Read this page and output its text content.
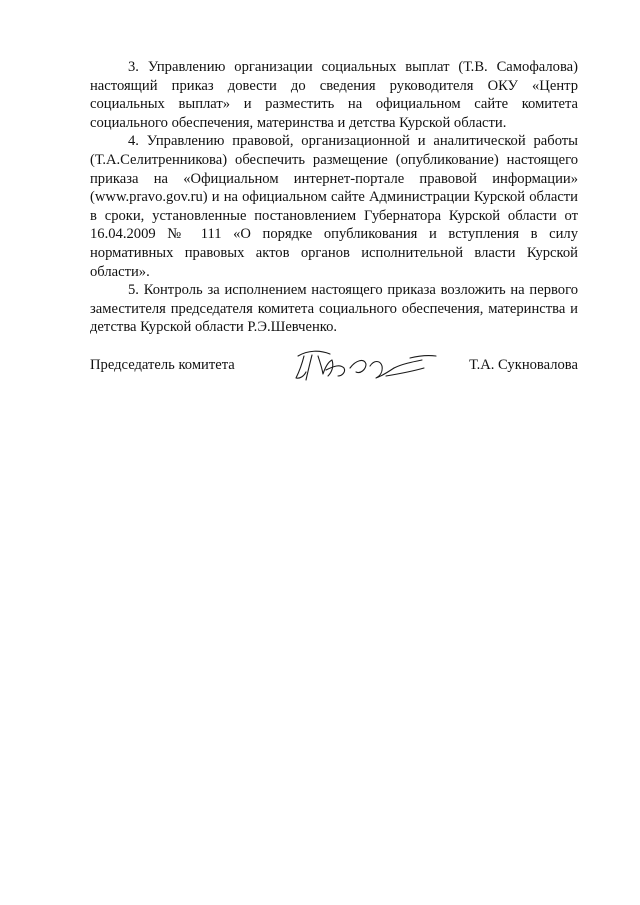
3. Управлению организации социальных выплат (Т.В. Самофалова) настоящий приказ довести до сведения руководителя ОКУ «Центр социальных выплат» и разместить на официальном сайте комитета социального обеспечения, материнства и детства Курской области.

4. Управлению правовой, организационной и аналитической работы (Т.А.Селитренникова) обеспечить размещение (опубликование) настоящего приказа на «Официальном интернет-портале правовой информации» (www.pravo.gov.ru) и на официальном сайте Администрации Курской области в сроки, установленные постановлением Губернатора Курской области от 16.04.2009 № 111 «О порядке опубликования и вступления в силу нормативных правовых актов органов исполнительной власти Курской области».

5. Контроль за исполнением настоящего приказа возложить на первого заместителя председателя комитета социального обеспечения, материнства и детства Курской области Р.Э.Шевченко.

Председатель комитета	Т.А. Сукновалова
